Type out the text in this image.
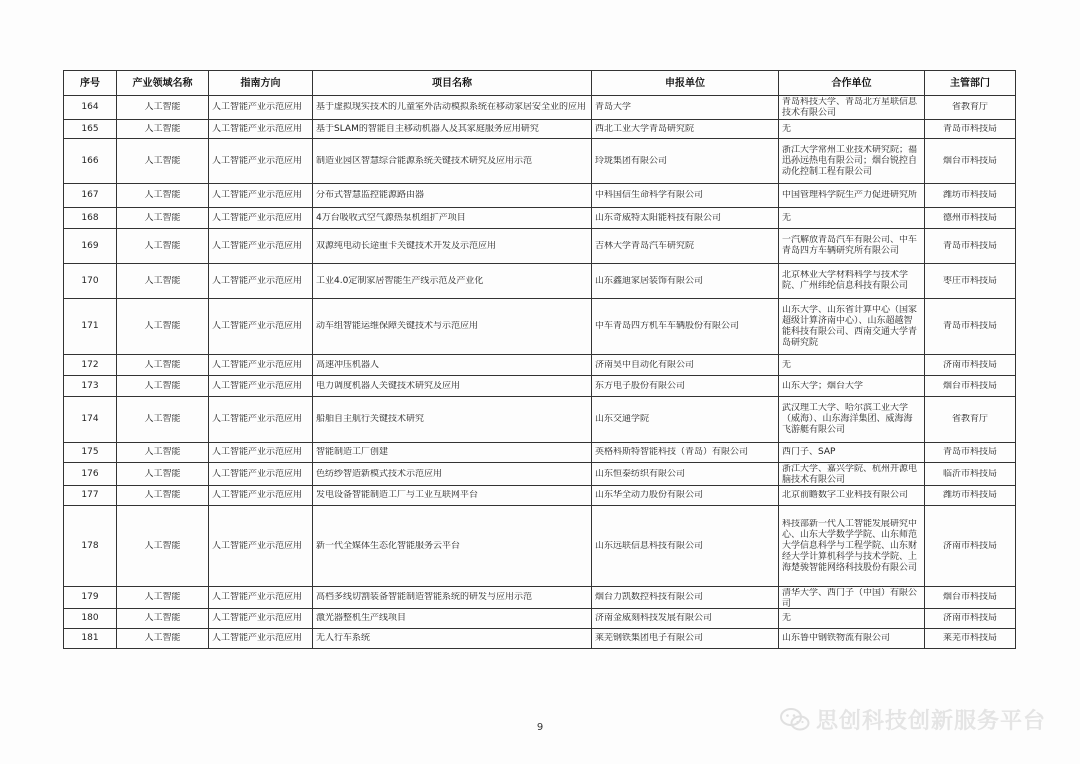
序号	产业领域名称	指南方向	项目名称	申报单位	合作单位	主管部门

164	人工智能	人工智能产业示范应用	基于虚拟现实技术的儿童室外活动模拟系统在移动家居安全业的应用	青岛大学	青岛科技大学、青岛北方星联信息技术有限公司	省教育厅

165	人工智能	人工智能产业示范应用	基于SLAM的智能自主移动机器人及其家庭服务应用研究	西北工业大学青岛研究院	无	青岛市科技局

166	人工智能	人工智能产业示范应用	制造业园区智慧综合能源系统关键技术研究及应用示范	玲珑集团有限公司	浙江大学常州工业技术研究院；福迅孙远热电有限公司；烟台锐控自动化控制工程有限公司	烟台市科技局

167	人工智能	人工智能产业示范应用	分布式智慧监控能源路由器	中科国信生命科学有限公司	中国管理科学院生产力促进研究所	潍坊市科技局

168	人工智能	人工智能产业示范应用	4万台吸收式空气源热泵机组扩产项目	山东奇威特太阳能科技有限公司	无	德州市科技局

169	人工智能	人工智能产业示范应用	双源纯电动长途重卡关键技术开发及示范应用	吉林大学青岛汽车研究院	一汽解放青岛汽车有限公司、中车青岛四方车辆研究所有限公司	青岛市科技局

170	人工智能	人工智能产业示范应用	工业4.0定制家居智能生产线示范及产业化	山东鑫迪家居装饰有限公司	北京林业大学材料科学与技术学院、广州纬纶信息科技有限公司	枣庄市科技局

171	人工智能	人工智能产业示范应用	动车组智能运维保障关键技术与示范应用	中车青岛四方机车车辆股份有限公司	山东大学、山东省计算中心（国家超级计算济南中心）、山东超越智能科技有限公司、西南交通大学青岛研究院	青岛市科技局

172	人工智能	人工智能产业示范应用	高速冲压机器人	济南昊中自动化有限公司	无	济南市科技局

173	人工智能	人工智能产业示范应用	电力调度机器人关键技术研究及应用	东方电子股份有限公司	山东大学；烟台大学	烟台市科技局

174	人工智能	人工智能产业示范应用	船舶自主航行关键技术研究	山东交通学院	武汉理工大学、哈尔滨工业大学（威海）、山东海洋集团、威海海飞游艇有限公司	省教育厅

175	人工智能	人工智能产业示范应用	智能制造工厂创建	英格科斯特智能科技（青岛）有限公司	西门子、SAP	青岛市科技局

176	人工智能	人工智能产业示范应用	色纺纱智造新模式技术示范应用	山东恒泰纺织有限公司	浙江大学、嘉兴学院、杭州开源电脑技术有限公司	临沂市科技局

177	人工智能	人工智能产业示范应用	发电设备智能制造工厂与工业互联网平台	山东华全动力股份有限公司	北京前瞻数字工业科技有限公司	潍坊市科技局

178	人工智能	人工智能产业示范应用	新一代全媒体生态化智能服务云平台	山东远联信息科技有限公司	科技部新一代人工智能发展研究中心、山东大学数学学院、山东师范大学信息科学与工程学院、山东财经大学计算机科学与技术学院、上海楚骏智能网络科技股份有限公司	济南市科技局

179	人工智能	人工智能产业示范应用	高档多线切割装备智能制造智能系统的研发与应用示范	烟台力凯数控科技有限公司	清华大学、西门子（中国）有限公司	烟台市科技局

180	人工智能	人工智能产业示范应用	激光器整机生产线项目	济南金威刻科技发展有限公司	无	济南市科技局

181	人工智能	人工智能产业示范应用	无人行车系统	莱芜钢铁集团电子有限公司	山东鲁中钢铁物流有限公司	莱芜市科技局
9	思创科技创新服务平台
